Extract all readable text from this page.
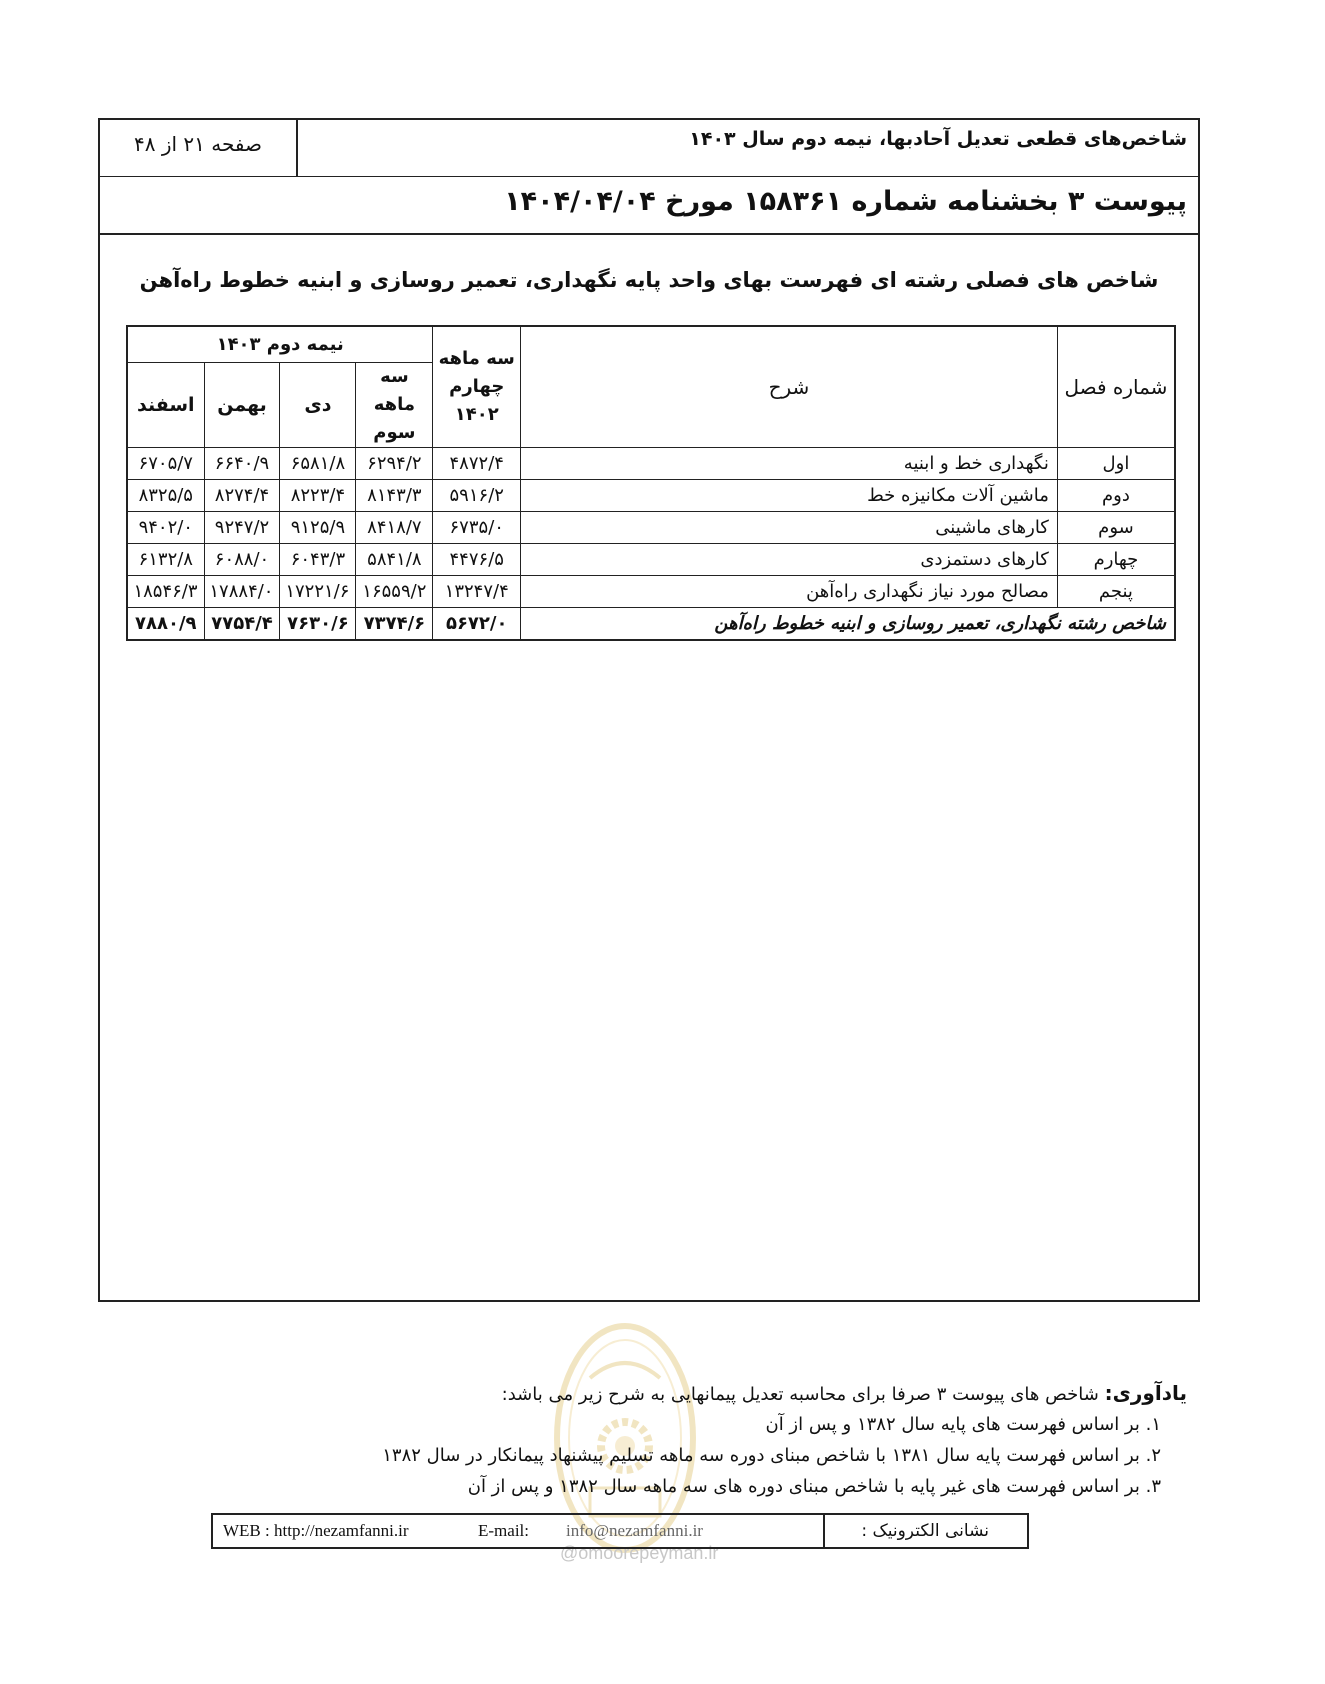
شاخص‌های قطعی تعدیل آحادبها، نیمه دوم سال ۱۴۰۳
صفحه ۲۱ از ۴۸
پیوست ۳ بخشنامه شماره ۱۵۸۳۶۱ مورخ ۱۴۰۴/۰۴/۰۴
شاخص های فصلی رشته ای فهرست بهای واحد پایه نگهداری، تعمیر روسازی و ابنیه خطوط راه‌آهن
شماره فصل	شرح	سه ماهه چهارم ۱۴۰۲	نیمه دوم ۱۴۰۳			
			سه ماهه سوم	دی	بهمن	اسفند
اول	نگهداری خط و ابنیه	۴۸۷۲/۴	۶۲۹۴/۲	۶۵۸۱/۸	۶۶۴۰/۹	۶۷۰۵/۷
دوم	ماشین آلات مکانیزه خط	۵۹۱۶/۲	۸۱۴۳/۳	۸۲۲۳/۴	۸۲۷۴/۴	۸۳۲۵/۵
سوم	کارهای ماشینی	۶۷۳۵/۰	۸۴۱۸/۷	۹۱۲۵/۹	۹۲۴۷/۲	۹۴۰۲/۰
چهارم	کارهای دستمزدی	۴۴۷۶/۵	۵۸۴۱/۸	۶۰۴۳/۳	۶۰۸۸/۰	۶۱۳۲/۸
پنجم	مصالح مورد نیاز نگهداری راه‌آهن	۱۳۲۴۷/۴	۱۶۵۵۹/۲	۱۷۲۲۱/۶	۱۷۸۸۴/۰	۱۸۵۴۶/۳
شاخص رشته نگهداری، تعمیر روسازی و ابنیه خطوط راه‌آهن		۵۶۷۲/۰	۷۳۷۴/۶	۷۶۳۰/۶	۷۷۵۴/۴	۷۸۸۰/۹
@omoorepeyman.ir
یادآوری: شاخص های پیوست ۳ صرفا برای محاسبه تعدیل پیمانهایی به شرح زیر می باشد:
۱. بر اساس فهرست های پایه سال ۱۳۸۲ و پس از آن
۲. بر اساس فهرست پایه سال ۱۳۸۱ با شاخص مبنای دوره سه ماهه تسلیم پیشنهاد پیمانکار در سال ۱۳۸۲
۳. بر اساس فهرست های غیر پایه با شاخص مبنای دوره های سه ماهه سال ۱۳۸۲ و پس از آن
WEB : http://nezamfanni.ir	E-mail: info@nezamfanni.ir	نشانی الکترونیک :
